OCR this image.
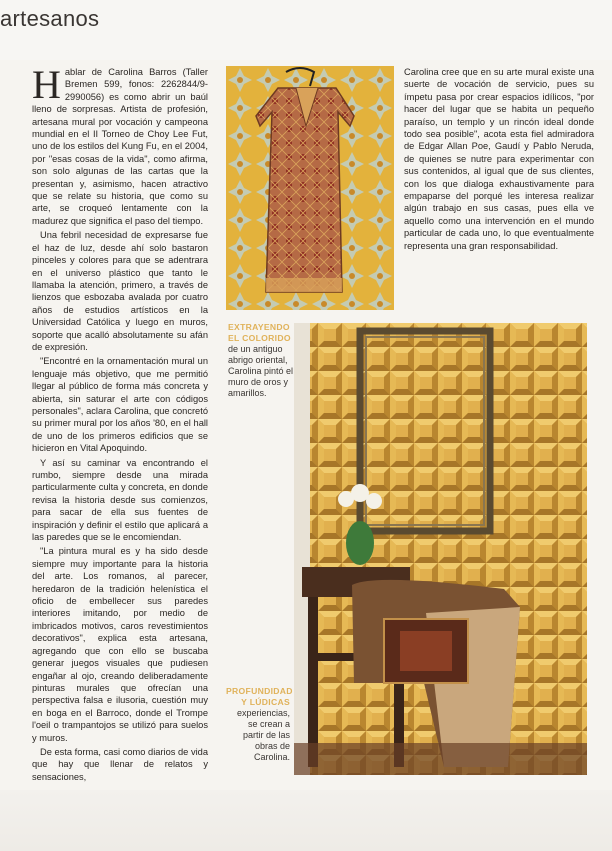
artesanos

Hablar de Carolina Barros (Taller Bremen 599, fonos: 2262844/9-2990056) es como abrir un baúl lleno de sorpresas. Artista de profesión, artesana mural por vocación y campeona mundial en el II Torneo de Choy Lee Fut, uno de los estilos del Kung Fu, en el 2004, por "esas cosas de la vida", como afirma, son solo algunas de las cartas que la presentan y, asimismo, hacen atractivo que se relate su historia, que como su arte, se croqueó lentamente con la madurez que significa el paso del tiempo.

Una febril necesidad de expresarse fue el haz de luz, desde ahí solo bastaron pinceles y colores para que se adentrara en el universo plástico que tanto le llamaba la atención, primero, a través de lienzos que esbozaba avalada por cuatro años de estudios artísticos en la Universidad Católica y luego en muros, soporte que acalló absolutamente su afán de expresión.

"Encontré en la ornamentación mural un lenguaje más objetivo, que me permitió llegar al público de forma más concreta y abierta, sin saturar el arte con códigos personales", aclara Carolina, que concretó su primer mural por los años '80, en el hall de uno de los primeros edificios que se hicieron en Vital Apoquindo.

Y así su caminar va encontrando el rumbo, siempre desde una mirada particularmente culta y concreta, en donde revisa la historia desde sus comienzos, para sacar de ella sus fuentes de inspiración y definir el estilo que aplicará a las paredes que se le encomiendan.

"La pintura mural es y ha sido desde siempre muy importante para la historia del arte. Los romanos, al parecer, heredaron de la tradición helenística el oficio de embellecer sus paredes interiores imitando, por medio de imbricados motivos, caros revestimientos decorativos", explica esta artesana, agregando que con ello se buscaba generar juegos visuales que pudiesen engañar al ojo, creando deliberadamente pinturas murales que ofrecían una perspectiva falsa e ilusoria, cuestión muy en boga en el Barroco, donde el Trompe l'oeil o trampantojos se utilizó para suelos y muros.

De esta forma, casi como diarios de vida que hay que llenar de relatos y sensaciones,

Carolina cree que en su arte mural existe una suerte de vocación de servicio, pues su ímpetu pasa por crear espacios idílicos, "por hacer del lugar que se habita un pequeño paraíso, un templo y un rincón ideal donde todo sea posible", acota esta fiel admiradora de Edgar Allan Poe, Gaudí y Pablo Neruda, de quienes se nutre para experimentar con sus contenidos, al igual que de sus clientes, con los que dialoga exhaustivamente para empaparse del porqué les interesa realizar algún trabajo en sus casas, pues ella ve aquello como una intervención en el mundo particular de cada uno, lo que eventualmente representa una gran responsabilidad.

EXTRAYENDO EL COLORIDO
de un antiguo abrigo oriental, Carolina pintó el muro de oros y amarillos.
PROFUNDIDAD Y LÚDICAS
experiencias, se crean a partir de las obras de Carolina.
